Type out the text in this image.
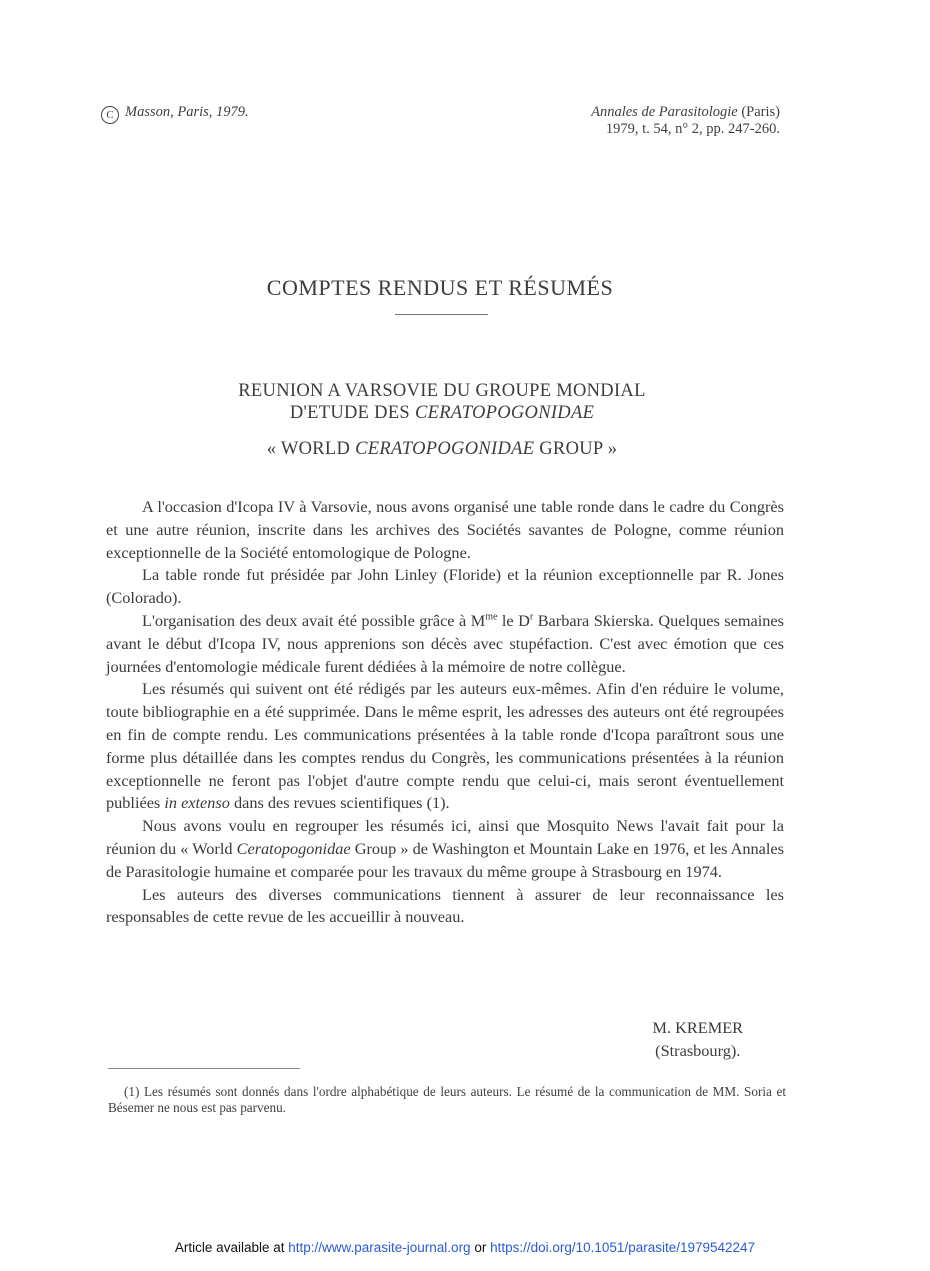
C Masson, Paris, 1979.	Annales de Parasitologie (Paris)
1979, t. 54, n° 2, pp. 247-260.
COMPTES RENDUS ET RÉSUMÉS
REUNION A VARSOVIE DU GROUPE MONDIAL
D'ETUDE DES CERATOPOGONIDAE
« WORLD CERATOPOGONIDAE GROUP »

A l'occasion d'Icopa IV à Varsovie, nous avons organisé une table ronde dans le cadre du Congrès et une autre réunion, inscrite dans les archives des Sociétés savantes de Pologne, comme réunion exceptionnelle de la Société entomologique de Pologne.

La table ronde fut présidée par John Linley (Floride) et la réunion exceptionnelle par R. Jones (Colorado).

L'organisation des deux avait été possible grâce à $M^{me}$ le $D^r$ Barbara Skierska. Quelques semaines avant le début d'Icopa IV, nous apprenions son décès avec stupéfaction. C'est avec émotion que ces journées d'entomologie médicale furent dédiées à la mémoire de notre collègue.

Les résumés qui suivent ont été rédigés par les auteurs eux-mêmes. Afin d'en réduire le volume, toute bibliographie en a été supprimée. Dans le même esprit, les adresses des auteurs ont été regroupées en fin de compte rendu. Les communications présentées à la table ronde d'Icopa paraîtront sous une forme plus détaillée dans les comptes rendus du Congrès, les communications présentées à la réunion exceptionnelle ne feront pas l'objet d'autre compte rendu que celui-ci, mais seront éventuellement publiées in extenso dans des revues scientifiques (1).

Nous avons voulu en regrouper les résumés ici, ainsi que Mosquito News l'avait fait pour la réunion du « World Ceratopogonidae Group » de Washington et Mountain Lake en 1976, et les Annales de Parasitologie humaine et comparée pour les travaux du même groupe à Strasbourg en 1974.

Les auteurs des diverses communications tiennent à assurer de leur reconnaissance les responsables de cette revue de les accueillir à nouveau.

M. KREMER
(Strasbourg).
(1) Les résumés sont donnés dans l'ordre alphabétique de leurs auteurs. Le résumé de la communication de MM. Soria et Bésemer ne nous est pas parvenu.
Article available at http://www.parasite-journal.org or https://doi.org/10.1051/parasite/1979542247
